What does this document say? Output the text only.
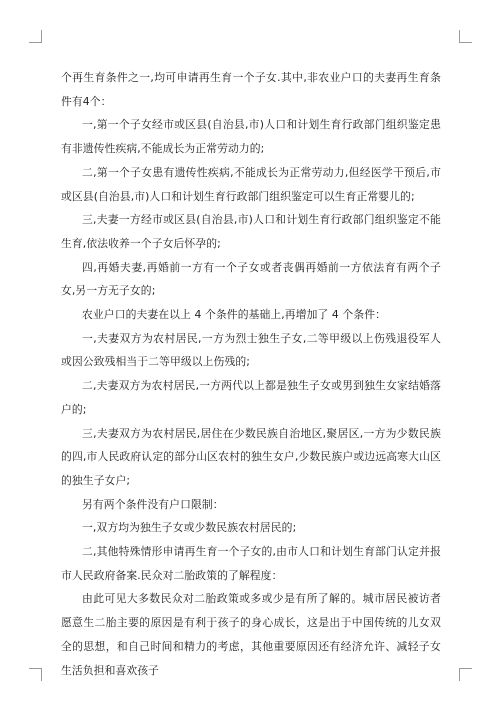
个再生育条件之一,均可申请再生育一个子女.其中,非农业户口的夫妻再生育条件有4个：

一,第一个子女经市或区县(自治县,市)人口和计划生育行政部门组织鉴定患有非遗传性疾病,不能成长为正常劳动力的;

二,第一个子女患有遗传性疾病,不能成长为正常劳动力,但经医学干预后,市或区县(自治县,市)人口和计划生育行政部门组织鉴定可以生育正常婴儿的;

三,夫妻一方经市或区县(自治县,市)人口和计划生育行政部门组织鉴定不能生育,依法收养一个子女后怀孕的;

四,再婚夫妻,再婚前一方有一个子女或者丧偶再婚前一方依法育有两个子女,另一方无子女的;

农业户口的夫妻在以上 4 个条件的基础上,再增加了 4 个条件：

一,夫妻双方为农村居民,一方为烈士独生子女,二等甲级以上伤残退役军人或因公致残相当于二等甲级以上伤残的;

二,夫妻双方为农村居民,一方两代以上都是独生子女或男到独生女家结婚落户的;

三,夫妻双方为农村居民,居住在少数民族自治地区,聚居区,一方为少数民族的四,市人民政府认定的部分山区农村的独生女户,少数民族户或边远高寒大山区的独生子女户;

另有两个条件没有户口限制：

一,双方均为独生子女或少数民族农村居民的;

二,其他特殊情形申请再生育一个子女的,由市人口和计划生育部门认定并报市人民政府备案.民众对二胎政策的了解程度：

由此可见大多数民众对二胎政策或多或少是有所了解的。城市居民被访者愿意生二胎主要的原因是有利于孩子的身心成长，这是出于中国传统的儿女双全的思想，和自己时间和精力的考虑，其他重要原因还有经济允许、减轻子女生活负担和喜欢孩子
